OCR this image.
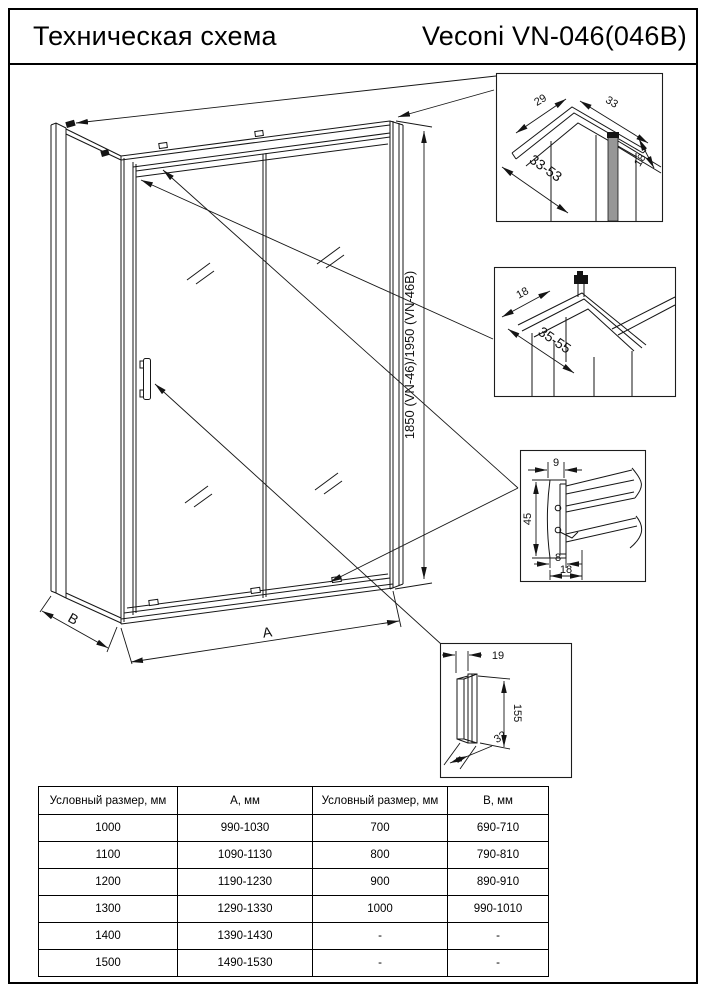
Техническая схема	Veconi VN-046(046B)
1850 (VN-46)/1950 (VN-46B)
A
B
29	33
33-53	18
18
35-55
9
45
8
18
19
155
32
Условный размер, мм	А, мм	Условный размер, мм	В, мм
1000	990-1030	700	690-710
1100	1090-1130	800	790-810
1200	1190-1230	900	890-910
1300	1290-1330	1000	990-1010
1400	1390-1430	-	-
1500	1490-1530	-	-
